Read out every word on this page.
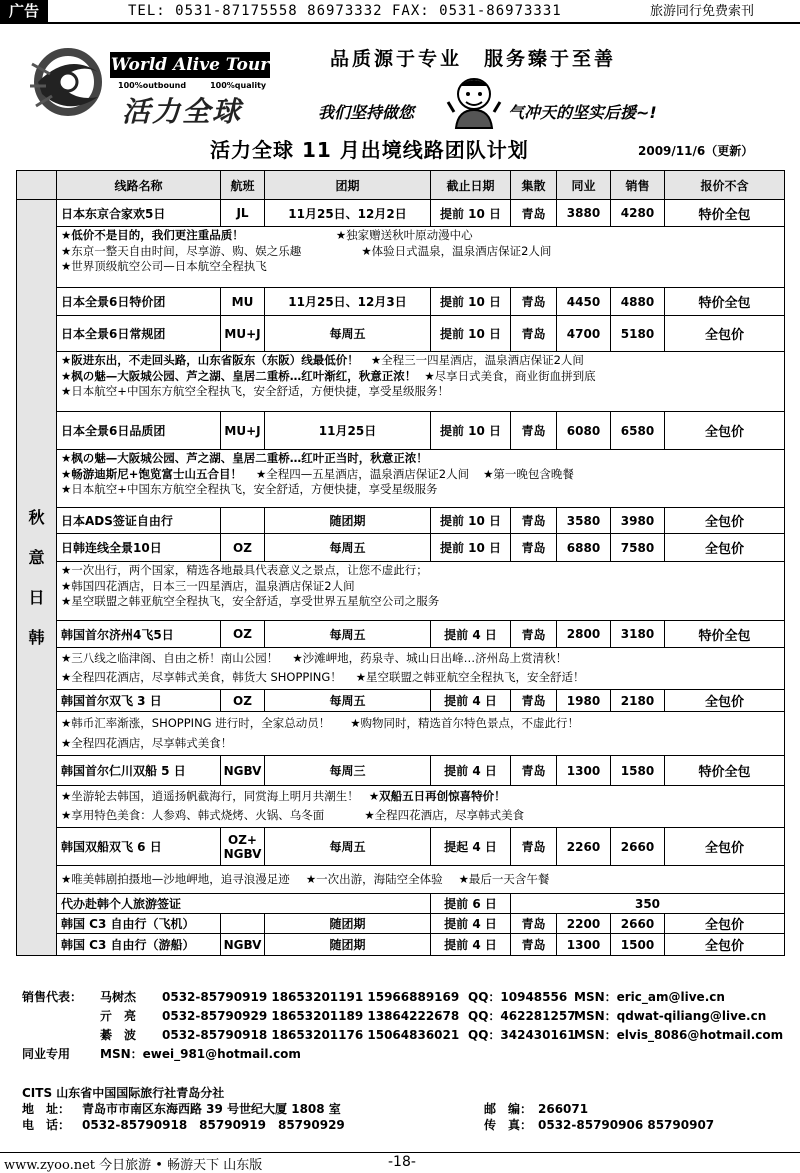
广告	TEL: 0531-87175558 86973332 FAX: 0531-86973331	旅游同行免费索刊
World Alive Tour
100%outbound　　　	100%quality
活力全球
品质源于专业　服务臻于至善
我们坚持做您	气冲天的坚实后援~!
活力全球 11 月出境线路团队计划	2009/11/6（更新）
	线路名称	航班	团期	截止日期	集散	同业	销售	报价不含

秋
意
日
韩	日本东京合家欢5日	JL	11月25日、12月2日	提前 10 日	青岛	3880	4280	特价全包

	★低价不是目的，我们更注重品质！ ★独家赠送秋叶原动漫中心
★东京一整天自由时间，尽享游、购、娱之乐趣 ★体验日式温泉，温泉酒店保证2人间
★世界顶级航空公司—日本航空全程执飞							

	日本全景6日特价团	MU	11月25日、12月3日	提前 10 日	青岛	4450	4880	特价全包
	日本全景6日常规团	MU+J	每周五	提前 10 日	青岛	4700	5180	全包价

	★阪进东出，不走回头路，山东省阪东（东阪）线最低价！ ★全程三一四星酒店，温泉酒店保证2人间
★枫の魅—大阪城公园、芦之湖、皇居二重桥…红叶渐红，秋意正浓！ ★尽享日式美食，商业街血拼到底
★日本航空+中国东方航空全程执飞，安全舒适，方便快捷，享受星级服务！							

	日本全景6日品质团	MU+J	11月25日	提前 10 日	青岛	6080	6580	全包价

	★枫の魅—大阪城公园、芦之湖、皇居二重桥…红叶正当时，秋意正浓！
★畅游迪斯尼+饱览富士山五合目！ ★全程四—五星酒店，温泉酒店保证2人间 ★第一晚包含晚餐
★日本航空+中国东方航空全程执飞，安全舒适，方便快捷，享受星级服务							

	日本ADS签证自由行		随团期	提前 10 日	青岛	3580	3980	全包价
	日韩连线全景10日	OZ	每周五	提前 10 日	青岛	6880	7580	全包价

	★一次出行，两个国家，精选各地最具代表意义之景点，让您不虚此行；
★韩国四花酒店，日本三一四星酒店，温泉酒店保证2人间
★星空联盟之韩亚航空全程执飞，安全舒适，享受世界五星航空公司之服务							

	韩国首尔济州4飞5日	OZ	每周五	提前 4 日	青岛	2800	3180	特价全包

	★三八线之临津阁、自由之桥！南山公园！ ★沙滩岬地，药泉寺、城山日出峰…济州岛上赏清秋！
★全程四花酒店，尽享韩式美食，韩货大 SHOPPING！ ★星空联盟之韩亚航空全程执飞，安全舒适！							

	韩国首尔双飞 3 日	OZ	每周五	提前 4 日	青岛	1980	2180	全包价

	★韩币汇率渐涨，SHOPPING 进行时，全家总动员！ ★购物同时，精选首尔特色景点，不虚此行！
★全程四花酒店，尽享韩式美食！							

	韩国首尔仁川双船 5 日	NGBV	每周三	提前 4 日	青岛	1300	1580	特价全包

	★坐游轮去韩国，逍遥扬帆截海行，同赏海上明月共潮生！ ★双船五日再创惊喜特价！
★享用特色美食：人参鸡、韩式烧烤、火锅、乌冬面 ★全程四花酒店，尽享韩式美食							

	韩国双船双飞 6 日	OZ+ NGBV	每周五	提起 4 日	青岛	2260	2660	全包价

	★唯美韩剧拍摄地—沙地岬地，追寻浪漫足迹 ★一次出游，海陆空全体验 ★最后一天含午餐							

	代办赴韩个人旅游签证			提前 6 日	350			
	韩国 C3 自由行（飞机）		随团期	提前 4 日	青岛	2200	2660	全包价
	韩国 C3 自由行（游船）	NGBV	随团期	提前 4 日	青岛	1300	1500	全包价
销售代表： 马树杰 0532-85790919 18653201191 15966889169 QQ：10948556 MSN：eric_am@live.cn
亓　亮 0532-85790929 18653201189 13864222678 QQ：462281257
MSN：qdwat-qiliang@live.cn
綦　波 0532-85790918 18653201176 15064836021 QQ：342430161
MSN：elvis_8086@hotmail.com
同业专用 MSN：ewei_981@hotmail.com
CITS 山东省中国国际旅行社青岛分社
地　址： 青岛市市南区东海西路 39 号世纪大厦 1808 室	邮　编： 266071
电　话： 0532-85790918　85790919　85790929	传　真： 0532-85790906 85790907
www.zyoo.net 今日旅游 • 畅游天下 山东版	-18-
